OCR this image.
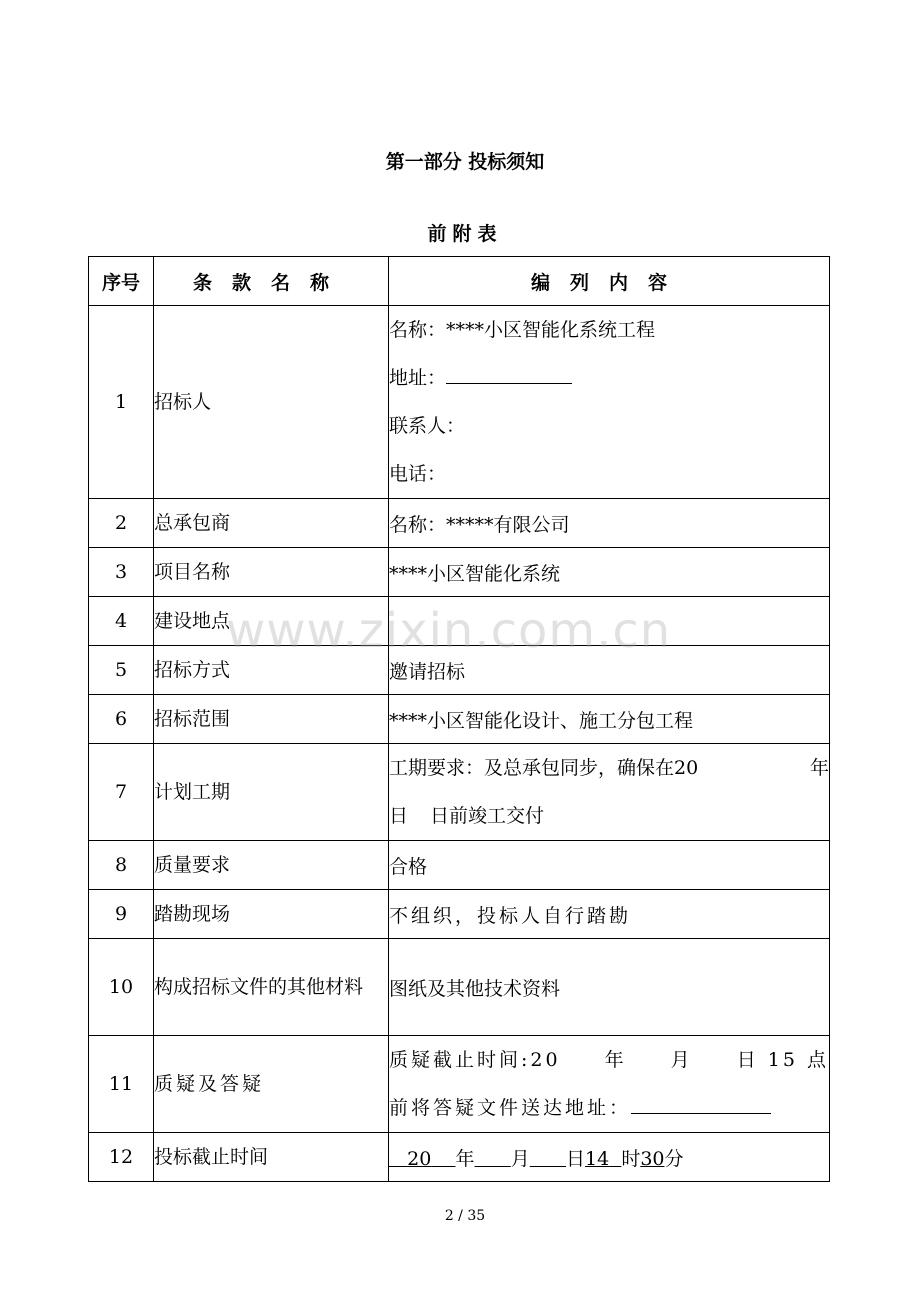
第一部分 投标须知
前附表
序号	条款名称	编列内容
1	招标人	名称：****小区智能化系统工程
地址：
联系人：
电话：

2	总承包商	名称：*****有限公司
3	项目名称	****小区智能化系统
4	建设地点	
5	招标方式	邀请招标
6	招标范围	****小区智能化设计、施工分包工程
7	计划工期	工期要求：及总承包同步，确保在20 年
日 日前竣工交付

8	质量要求	合格
9	踏勘现场	不组织，投标人自行踏勘
10	构成招标文件的其他材料	图纸及其他技术资料
11	质疑及答疑	质疑截止时间:20 年 月 日 15 点
前将答疑文件送达地址：

12	投标截止时间	20 年 月 日14 时30分
www.zixin.com.cn
2 / 35
